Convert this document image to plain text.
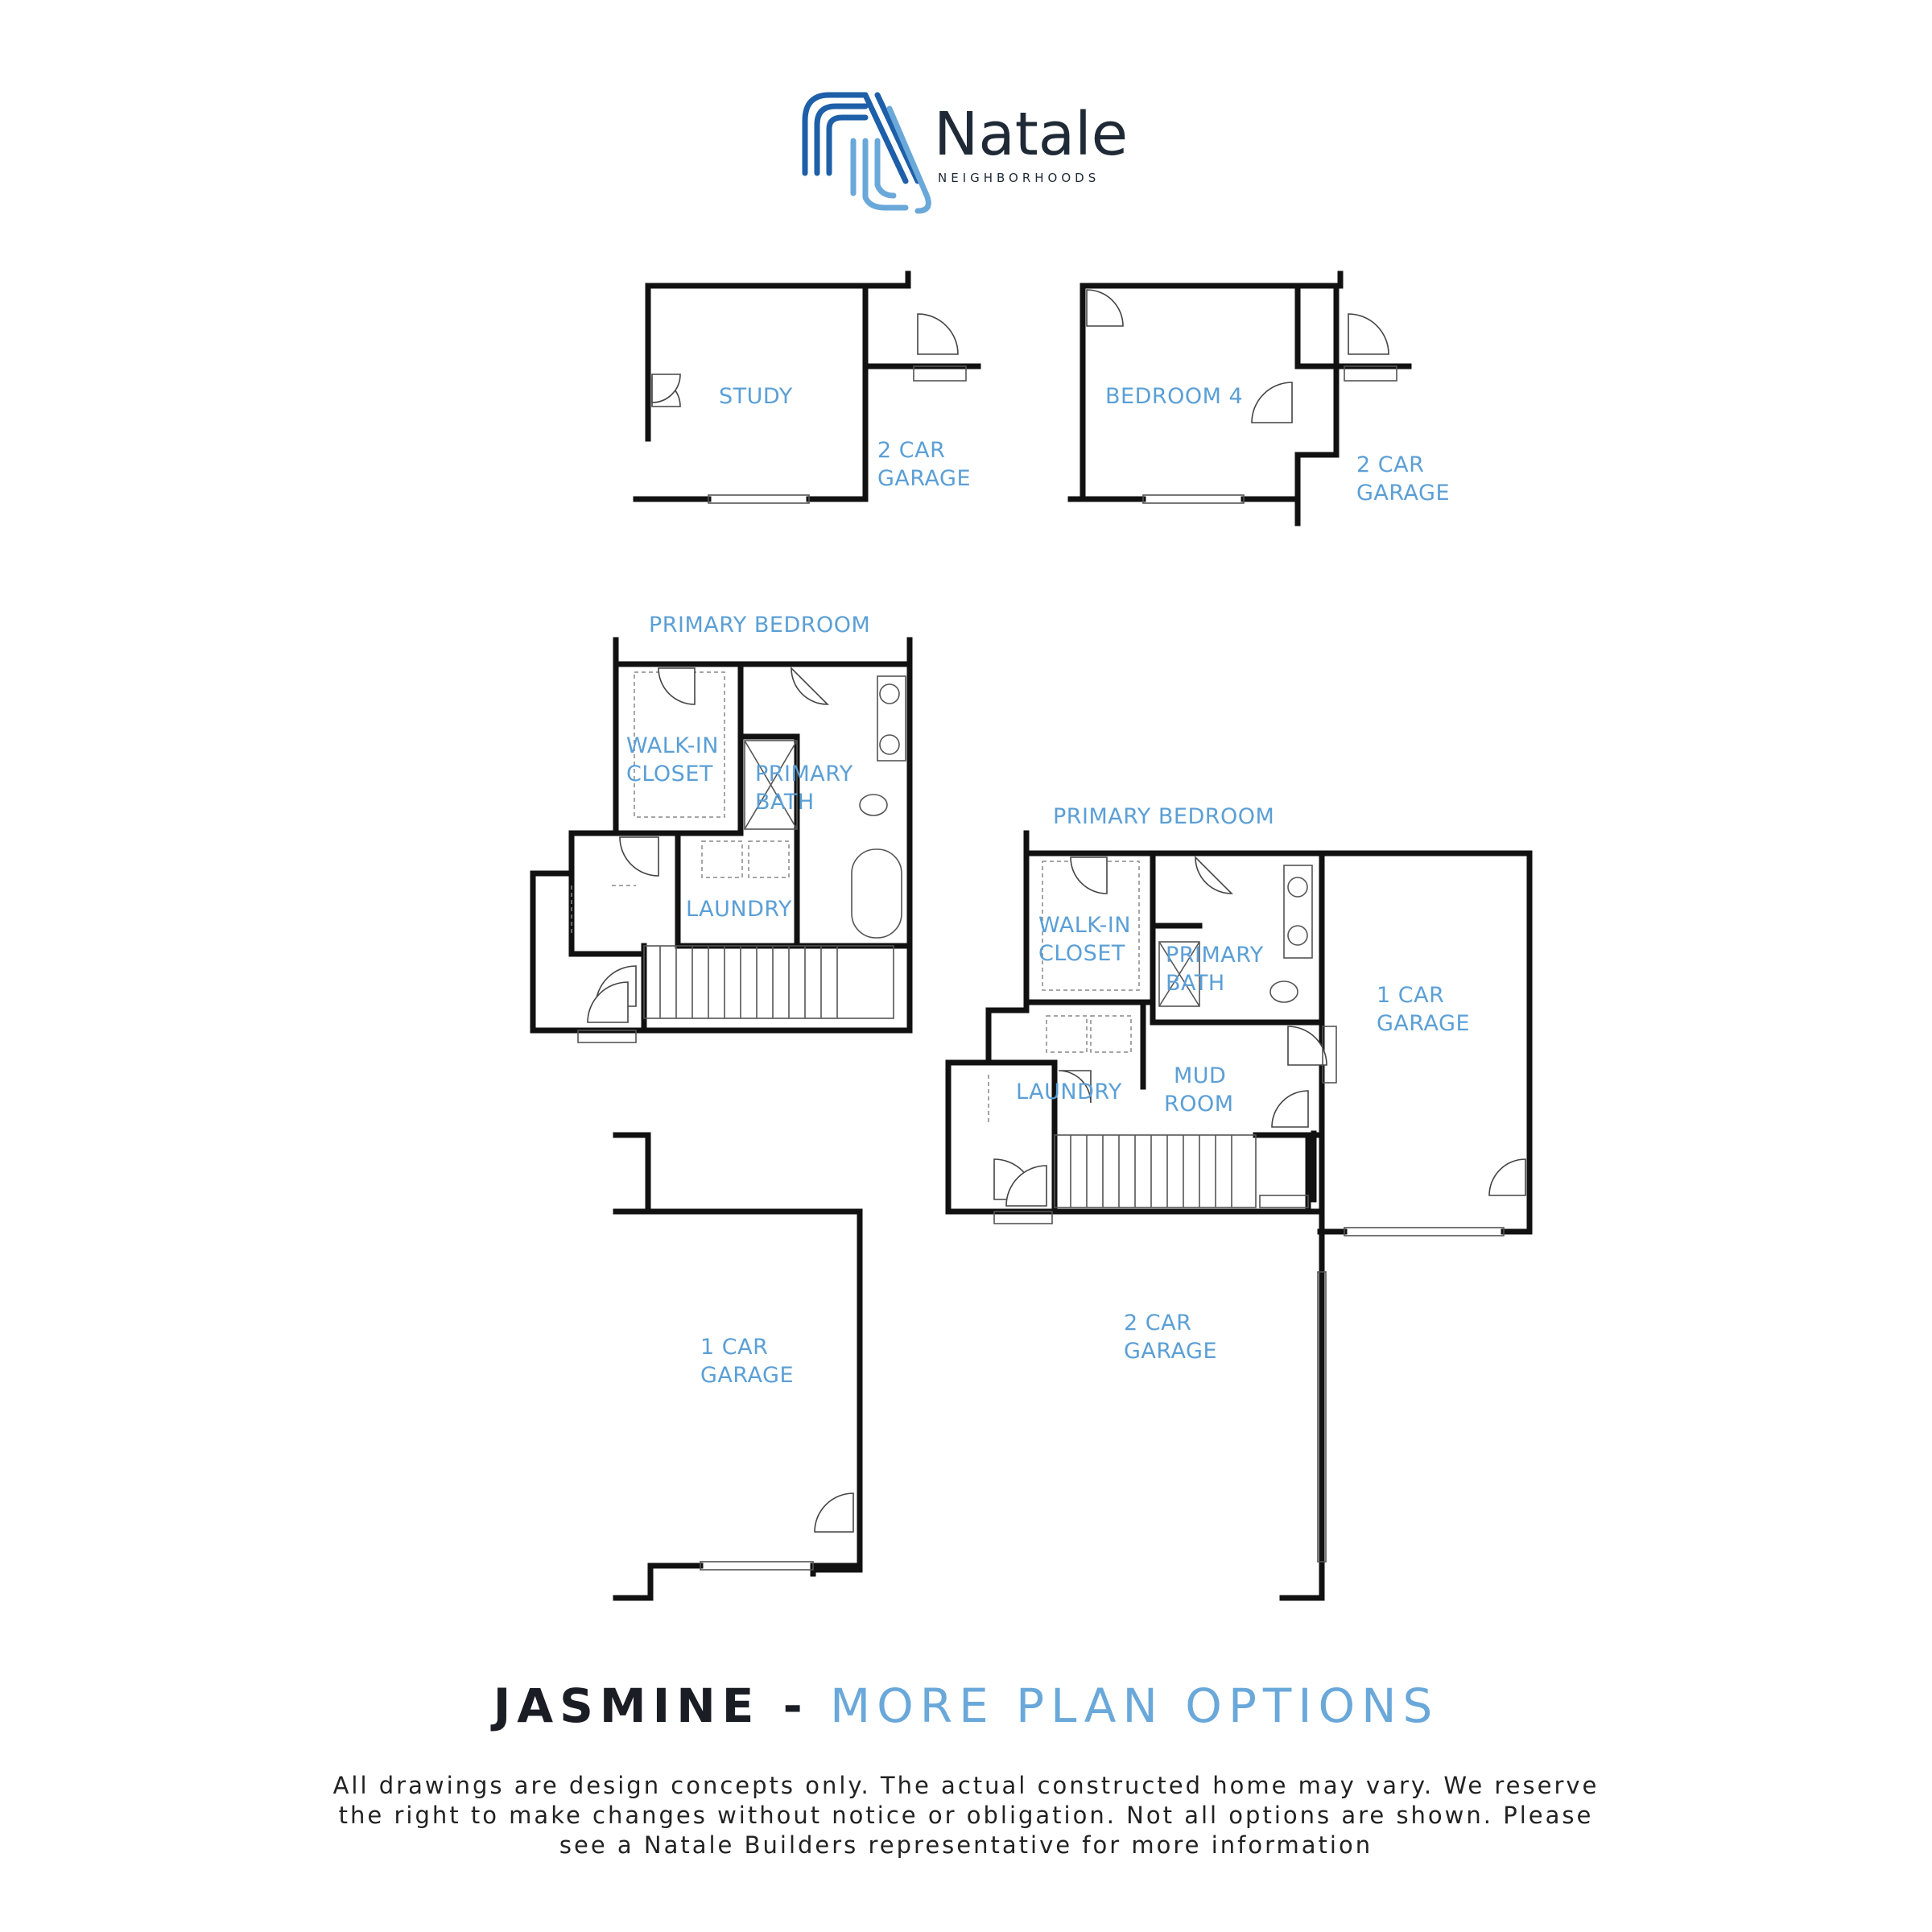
Natale
NEIGHBORHOODS
STUDY
2 CAR
GARAGE
BEDROOM 4
2 CAR
GARAGE
PRIMARY BEDROOM
WALK-IN
CLOSET PRIMARY
BATH
LAUNDRY
1 CAR
GARAGE
PRIMARY BEDROOM
WALK-IN
CLOSET PRIMARY
BATH
LAUNDRY
MUD
ROOM
1 CAR
GARAGE
2 CAR
GARAGE
JASMINE - MORE PLAN OPTIONS
All drawings are design concepts only. The actual constructed home may vary. We reserve
the right to make changes without notice or obligation. Not all options are shown. Please
see a Natale Builders representative for more information
